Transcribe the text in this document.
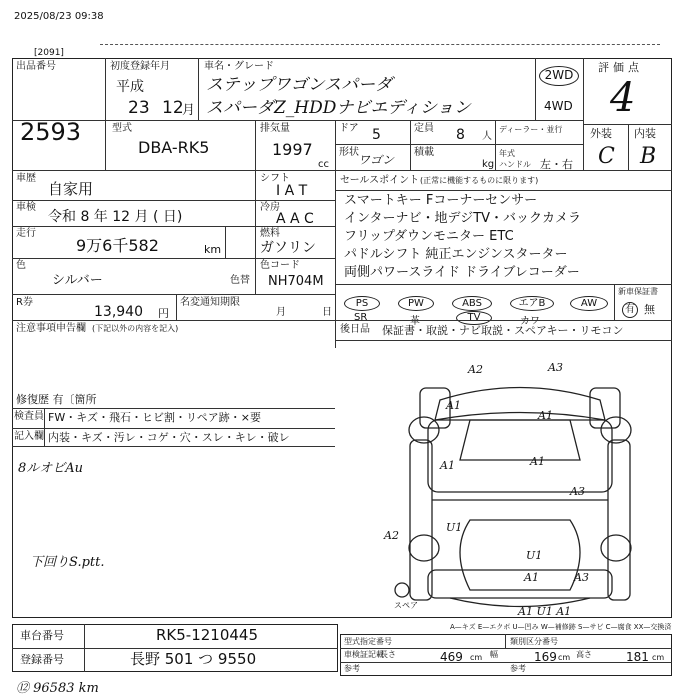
2025/08/23 09:38
[2091]
出品番号
2593
初度登録年月
平成
23 12
月
車名・グレード
ステップワゴンスパーダ
スパーダZ_HDDナビエディション
2WD
4WD
評価点
4
外装 内装
C B
型式
DBA-RK5
排気量
1997
cc
ドア 5	定員 8 人
形状
ワゴン
積載
kg
ディーラー・並行
年式
ハンドル 左・右
車歴
自家用
シフト
I A T
車検
令和 8 年 12 月 ( 日)
冷房
A A C
走行
9万6千582	km
燃料
ガソリン
色
シルバー	色替
色コード
NH704M
R券
13,940 円
名変通知期限
月	日
注意事項申告欄 (下記以外の内容を記入)
修復歴 有〔箇所
セールスポイント (正常に機能するものに限ります)
スマートキー Fコーナーセンサー
インターナビ・地デジTV・バックカメラ
フリップダウンモニター ETC
パドルシフト 純正エンジンスターター
両側パワースライド ドライブレコーダー
PS	PW	ABS	エアB	AW
SR	革	TV	カワ
新車保証書
有 無
後日品 保証書・取説・ナビ取説・スペアキー・リモコン
検査員
記入欄
FW・キズ・飛石・ヒビ割・リペア跡・×要
内装・キズ・汚レ・コゲ・穴・スレ・キレ・破レ
8ルオビAu
下回りS.ptt.
A2	A3
A1
A1
A1	A1
A3
A2
U1
U1
A1	A3
A1 U1 A1
スペア
A—キズ E—エクボ U—凹み W—補修跡 S—サビ C—腐食 XX—交換済
車台番号	RK5-1210445
登録番号	長野 501 つ 9550
型式指定番号	類別区分番号
車検証記載
長さ	469 cm 幅	169 cm 高さ	181 cm
参考	参考
⑫ 96583 km
